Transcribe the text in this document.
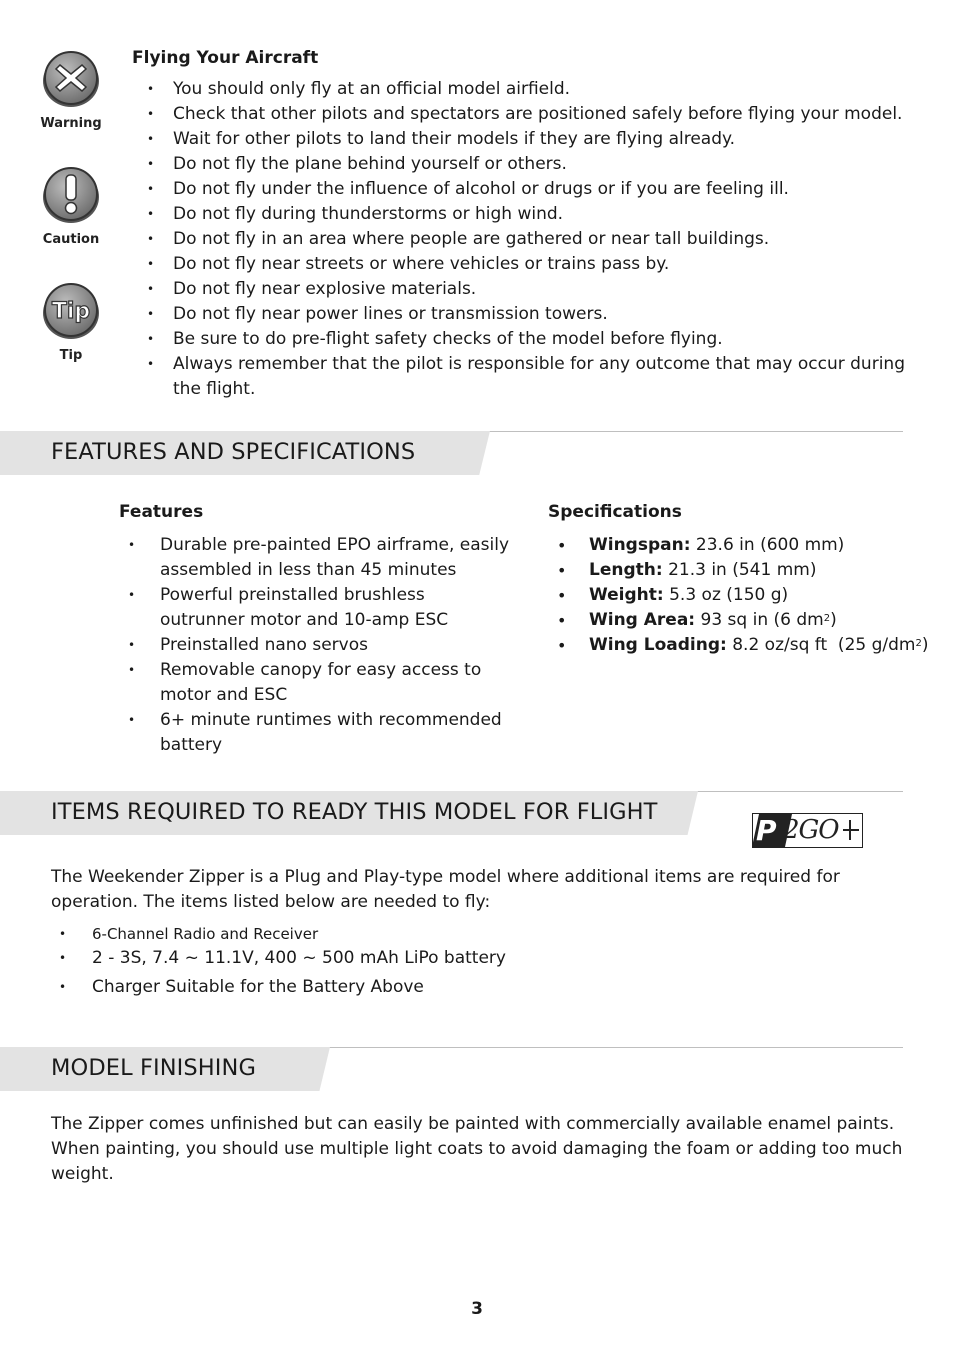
Warning
Caution
Tip
Tip
Flying Your Aircraft
• You should only fly at an official model airfield.
• Check that other pilots and spectators are positioned safely before flying your model.
• Wait for other pilots to land their models if they are flying already.
• Do not fly the plane behind yourself or others.
• Do not fly under the influence of alcohol or drugs or if you are feeling ill.
• Do not fly during thunderstorms or high wind.
• Do not fly in an area where people are gathered or near tall buildings.
• Do not fly near streets or where vehicles or trains pass by.
• Do not fly near explosive materials.
• Do not fly near power lines or transmission towers.
• Be sure to do pre-flight safety checks of the model before flying.
• Always remember that the pilot is responsible for any outcome that may occur during the flight.
FEATURES AND SPECIFICATIONS
Features
• Durable pre-painted EPO airframe, easily assembled in less than 45 minutes
• Powerful preinstalled brushless outrunner motor and 10-amp ESC
• Preinstalled nano servos
• Removable canopy for easy access to motor and ESC
• 6+ minute runtimes with recommended battery
Specifications
• Wingspan: 23.6 in (600 mm)
• Length: 21.3 in (541 mm)
• Weight: 5.3 oz (150 g)
• Wing Area: 93 sq in (6 $dm^2$)
• Wing Loading: 8.2 oz/sq ft  (25 $g/dm^2$)
ITEMS REQUIRED TO READY THIS MODEL FOR FLIGHT
P 2GO
The Weekender Zipper is a Plug and Play-type model where additional items are required for operation. The items listed below are needed to fly:
• 6-Channel Radio and Receiver
• 2 - 3S, 7.4 ~ 11.1V, 400 ~ 500 mAh LiPo battery
• Charger Suitable for the Battery Above
MODEL FINISHING
The Zipper comes unfinished but can easily be painted with commercially available enamel paints. When painting, you should use multiple light coats to avoid damaging the foam or adding too much weight.
3
